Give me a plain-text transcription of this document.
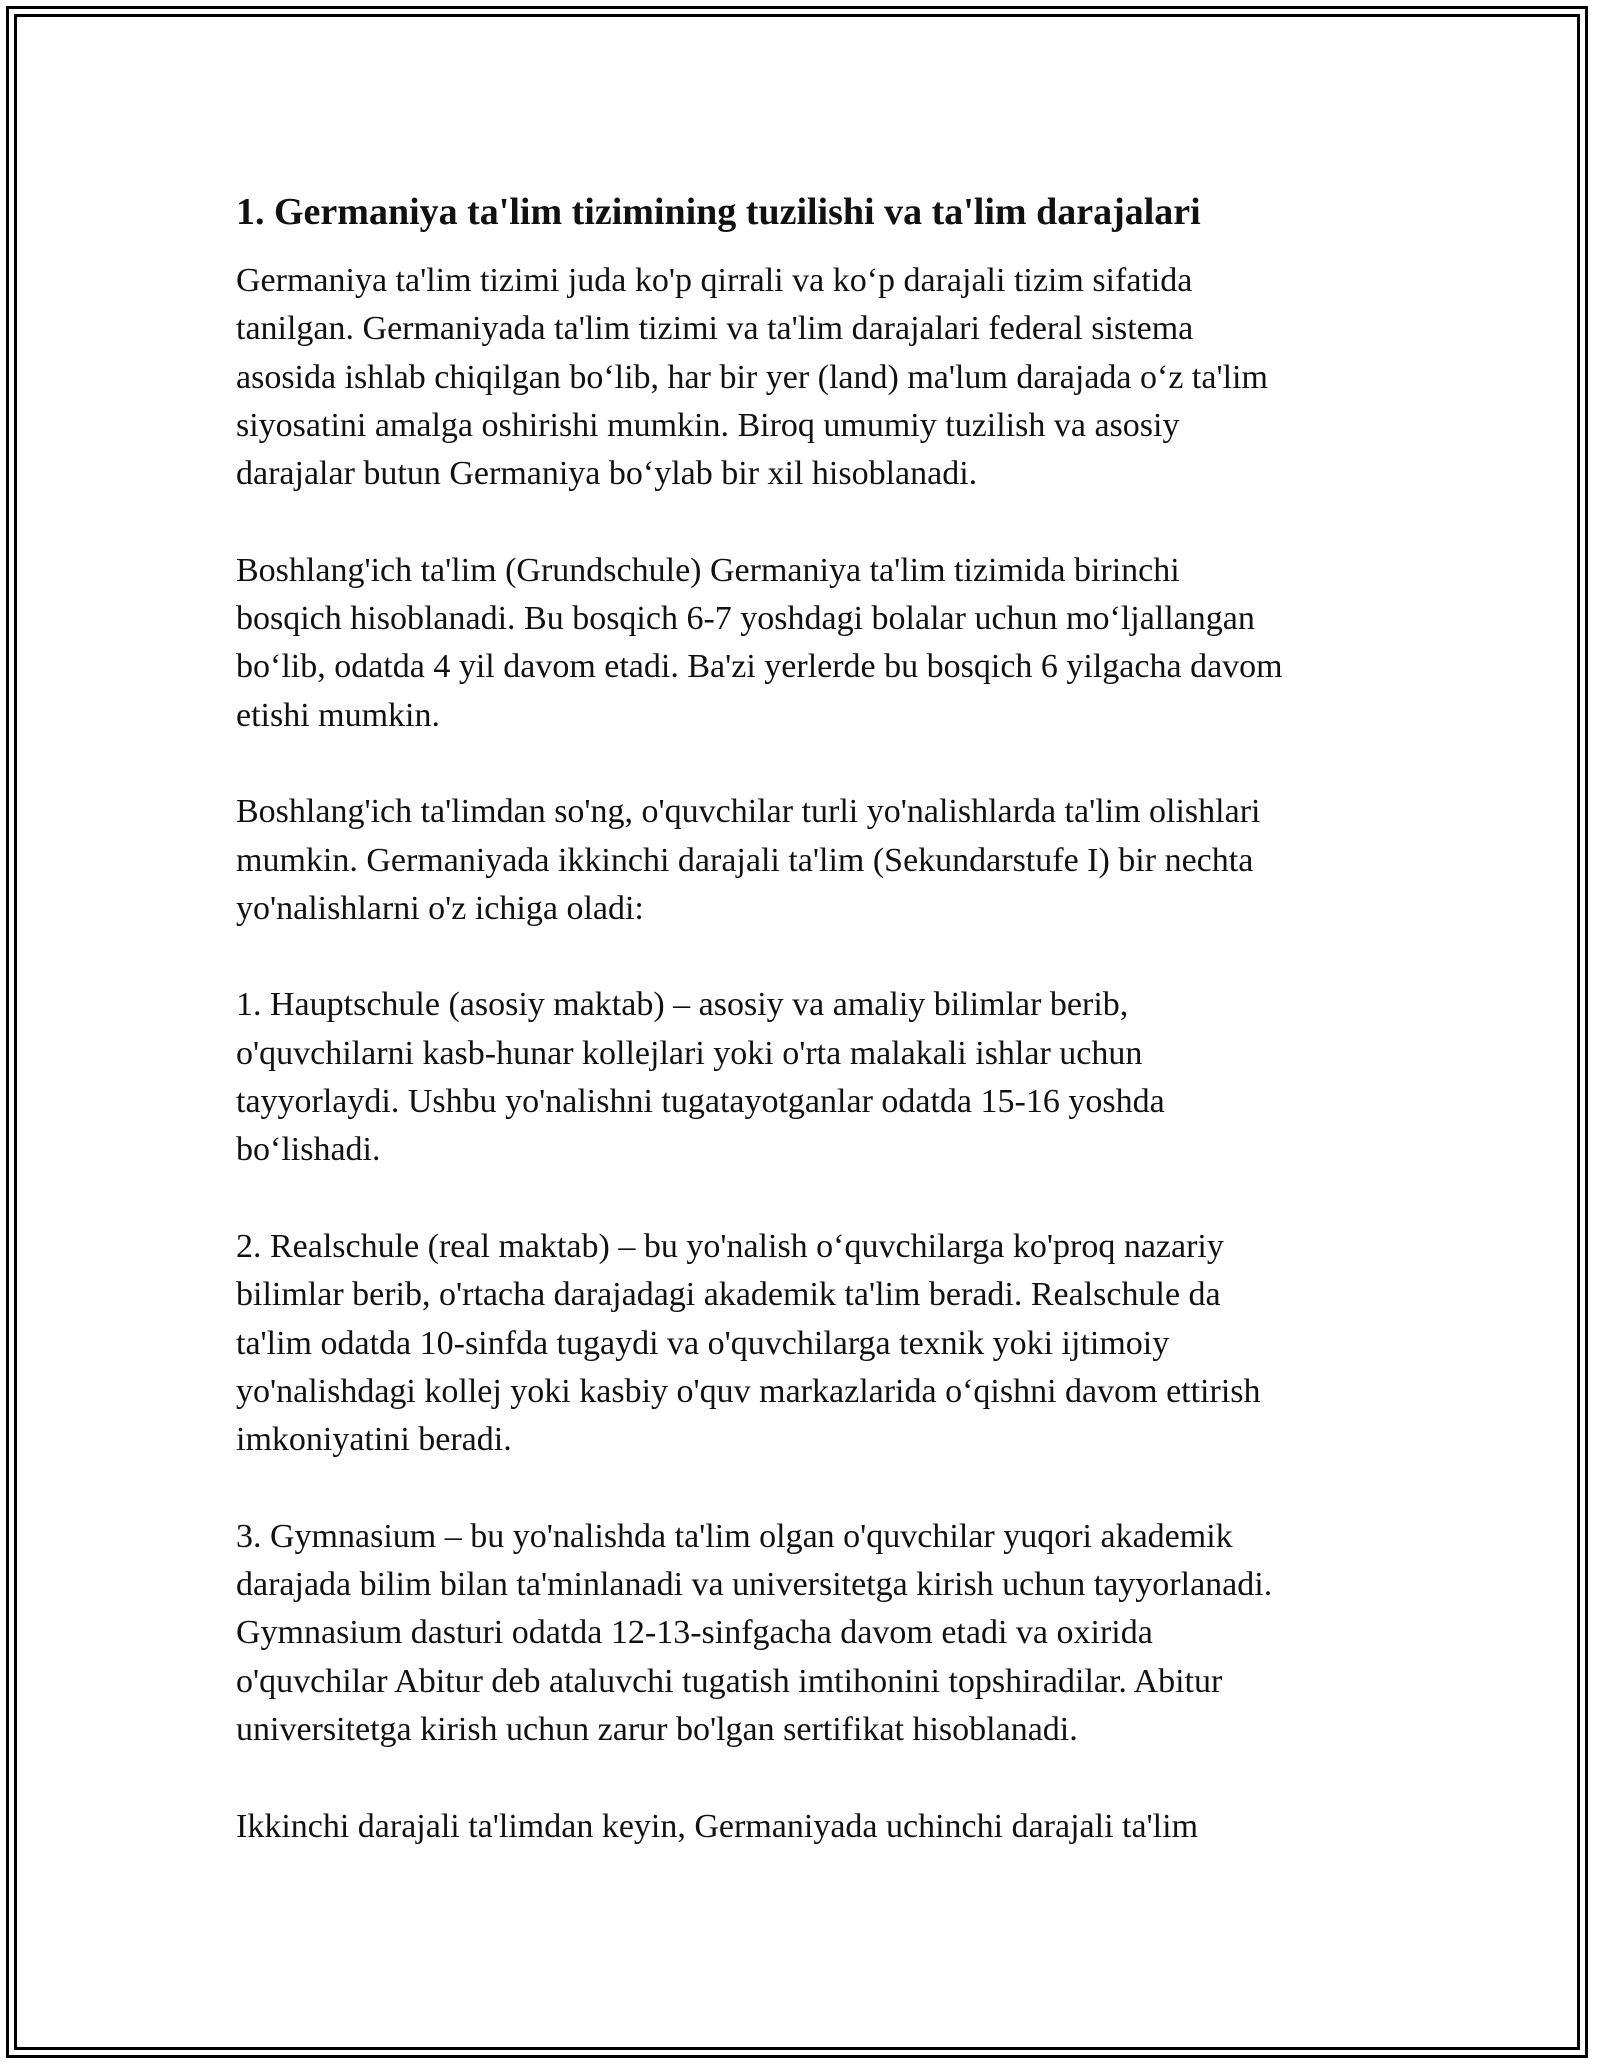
1. Germaniya ta'lim tizimining tuzilishi va ta'lim darajalari
Germaniya ta'lim tizimi juda ko'p qirrali va ko‘p darajali tizim sifatida
tanilgan. Germaniyada ta'lim tizimi va ta'lim darajalari federal sistema
asosida ishlab chiqilgan bo‘lib, har bir yer (land) ma'lum darajada o‘z ta'lim
siyosatini amalga oshirishi mumkin. Biroq umumiy tuzilish va asosiy
darajalar butun Germaniya bo‘ylab bir xil hisoblanadi.
Boshlang'ich ta'lim (Grundschule) Germaniya ta'lim tizimida birinchi
bosqich hisoblanadi. Bu bosqich 6-7 yoshdagi bolalar uchun mo‘ljallangan
bo‘lib, odatda 4 yil davom etadi. Ba'zi yerlerde bu bosqich 6 yilgacha davom
etishi mumkin.
Boshlang'ich ta'limdan so'ng, o'quvchilar turli yo'nalishlarda ta'lim olishlari
mumkin. Germaniyada ikkinchi darajali ta'lim (Sekundarstufe I) bir nechta
yo'nalishlarni o'z ichiga oladi:
1. Hauptschule (asosiy maktab) – asosiy va amaliy bilimlar berib,
o'quvchilarni kasb-hunar kollejlari yoki o'rta malakali ishlar uchun
tayyorlaydi. Ushbu yo'nalishni tugatayotganlar odatda 15-16 yoshda
bo‘lishadi.
2. Realschule (real maktab) – bu yo'nalish o‘quvchilarga ko'proq nazariy
bilimlar berib, o'rtacha darajadagi akademik ta'lim beradi. Realschule da
ta'lim odatda 10-sinfda tugaydi va o'quvchilarga texnik yoki ijtimoiy
yo'nalishdagi kollej yoki kasbiy o'quv markazlarida o‘qishni davom ettirish
imkoniyatini beradi.
3. Gymnasium – bu yo'nalishda ta'lim olgan o'quvchilar yuqori akademik
darajada bilim bilan ta'minlanadi va universitetga kirish uchun tayyorlanadi.
Gymnasium dasturi odatda 12-13-sinfgacha davom etadi va oxirida
o'quvchilar Abitur deb ataluvchi tugatish imtihonini topshiradilar. Abitur
universitetga kirish uchun zarur bo'lgan sertifikat hisoblanadi.
Ikkinchi darajali ta'limdan keyin, Germaniyada uchinchi darajali ta'lim
